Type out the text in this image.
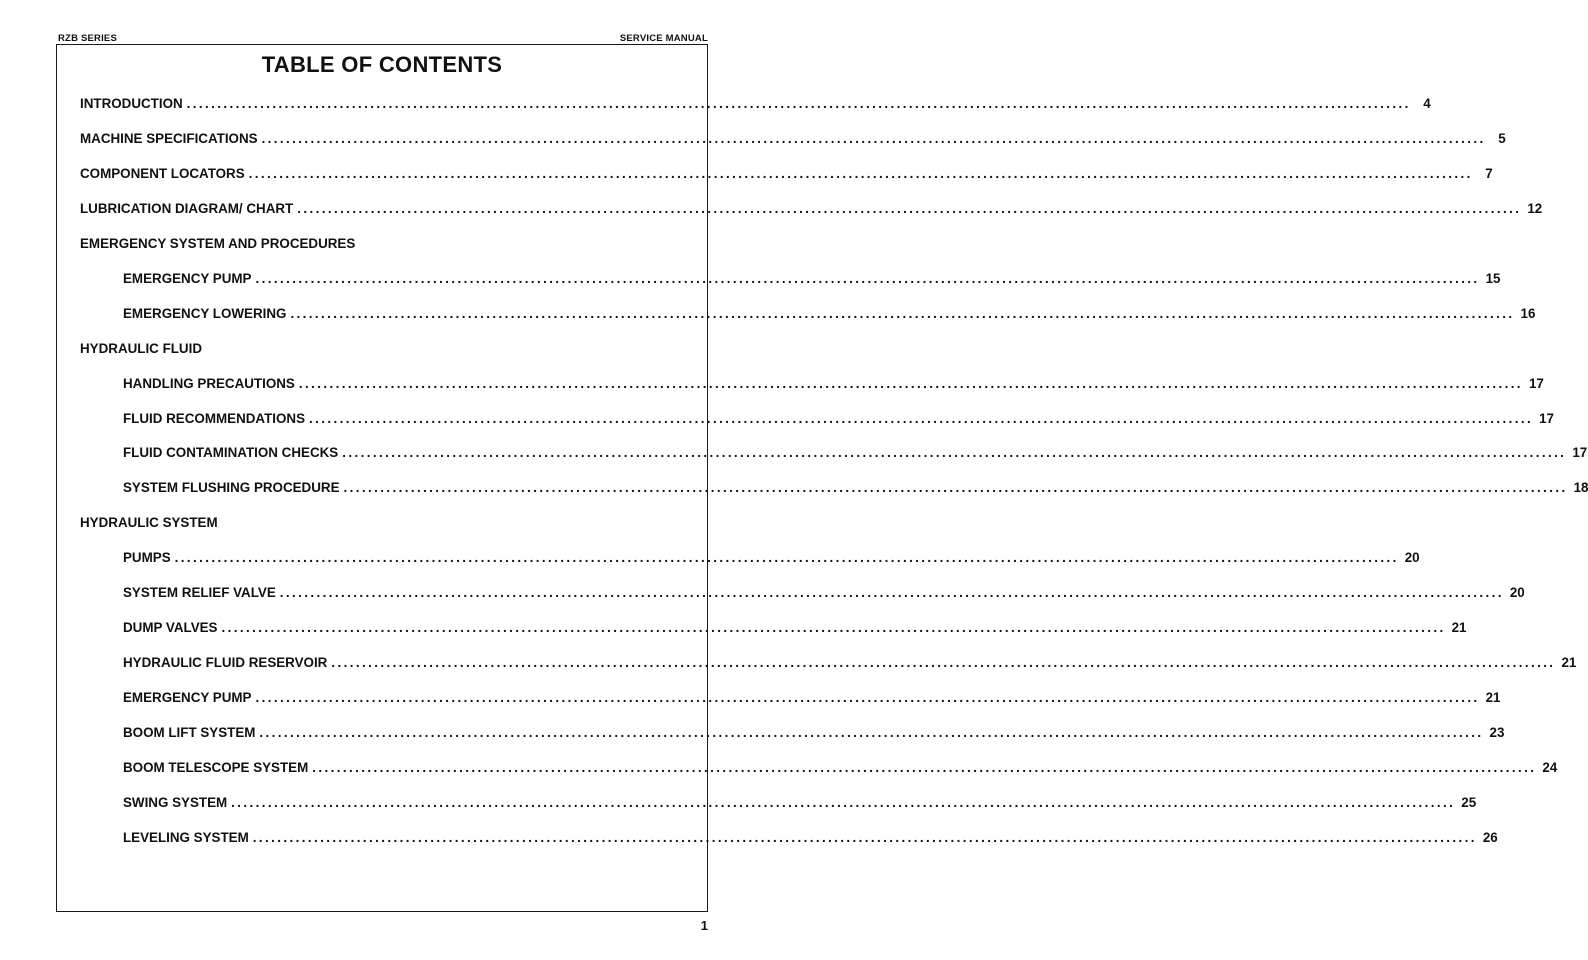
RZB SERIES	SERVICE MANUAL
TABLE OF CONTENTS
INTRODUCTION ........................................................................................................................................................................................................ 4
MACHINE SPECIFICATIONS ........................................................................................................................................................................................................ 5
COMPONENT LOCATORS ........................................................................................................................................................................................................ 7
LUBRICATION DIAGRAM/ CHART ........................................................................................................................................................................................................ 12
EMERGENCY SYSTEM AND PROCEDURES
EMERGENCY PUMP ........................................................................................................................................................................................................ 15
EMERGENCY LOWERING ........................................................................................................................................................................................................ 16
HYDRAULIC FLUID
HANDLING PRECAUTIONS ........................................................................................................................................................................................................ 17
FLUID RECOMMENDATIONS ........................................................................................................................................................................................................ 17
FLUID CONTAMINATION CHECKS ........................................................................................................................................................................................................ 17
SYSTEM FLUSHING PROCEDURE ........................................................................................................................................................................................................ 18
HYDRAULIC SYSTEM
PUMPS ........................................................................................................................................................................................................ 20
SYSTEM RELIEF VALVE ........................................................................................................................................................................................................ 20
DUMP VALVES ........................................................................................................................................................................................................ 21
HYDRAULIC FLUID RESERVOIR ........................................................................................................................................................................................................ 21
EMERGENCY PUMP ........................................................................................................................................................................................................ 21
BOOM LIFT SYSTEM ........................................................................................................................................................................................................ 23
BOOM TELESCOPE SYSTEM ........................................................................................................................................................................................................ 24
SWING SYSTEM ........................................................................................................................................................................................................ 25
LEVELING SYSTEM ........................................................................................................................................................................................................ 26
1
